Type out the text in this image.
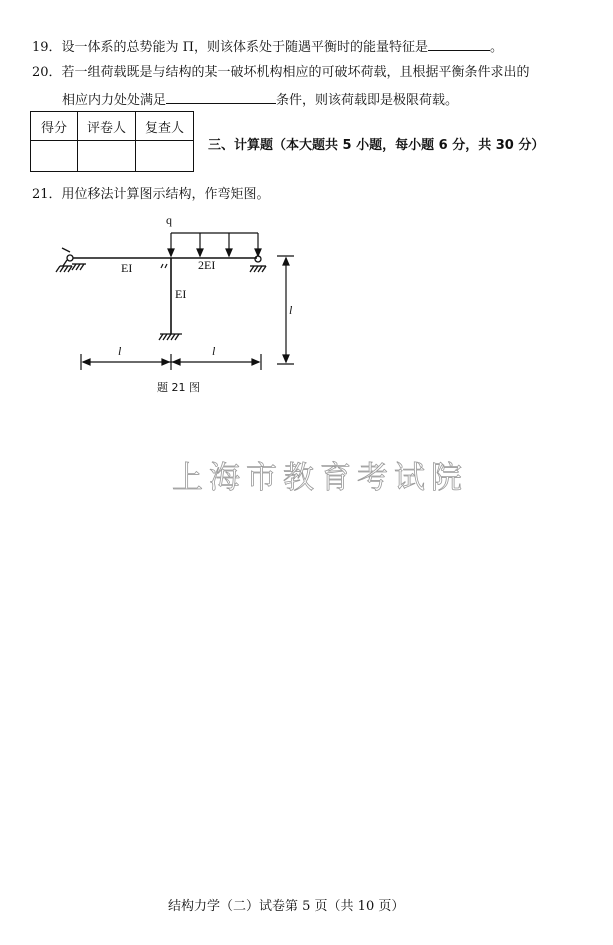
19．设一体系的总势能为 Π，则该体系处于随遇平衡时的能量特征是	。
20．若一组荷载既是与结构的某一破坏机构相应的可破坏荷载，且根据平衡条件求出的
相应内力处处满足	条件，则该荷载即是极限荷载。
得分	评卷人	复查人

三、计算题（本大题共 5 小题，每小题 6 分，共 30 分）
21．用位移法计算图示结构，作弯矩图。
q
EI	2EI
EI
l
l	l
题 21 图
上海市教育考试院
结构力学（二）试卷第 5 页（共 10 页）
